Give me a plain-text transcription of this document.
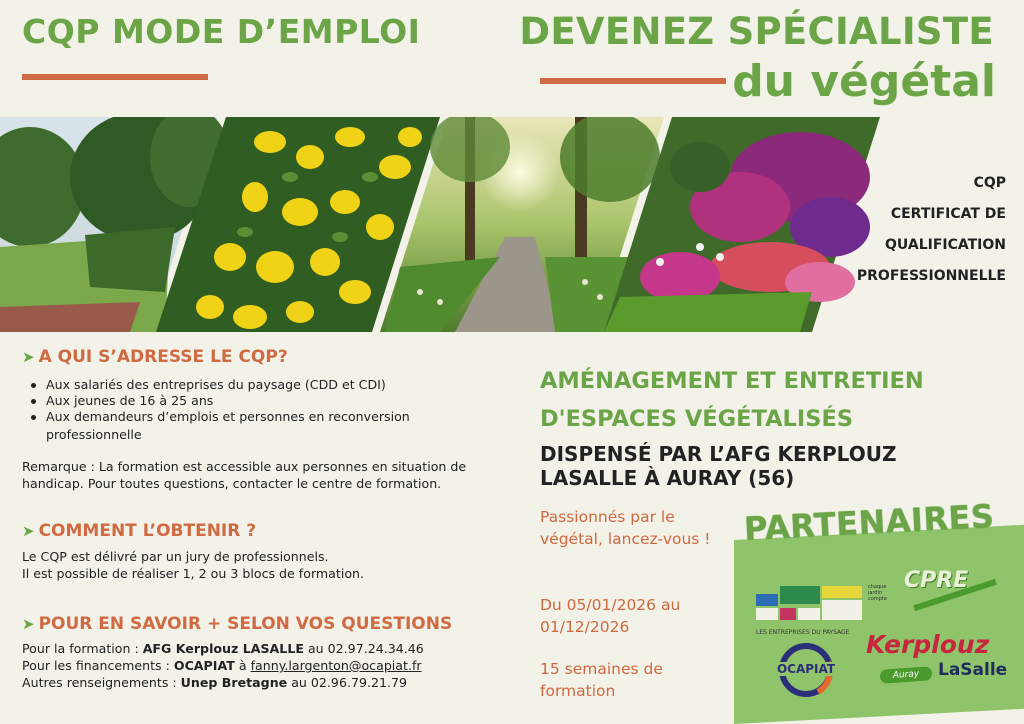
CQP MODE D’EMPLOI	DEVENEZ SPÉCIALISTE
du végétal
CQP
CERTIFICAT DE
QUALIFICATION
PROFESSIONNELLE
➤ A QUI S’ADRESSE LE CQP?
Aux salariés des entreprises du paysage (CDD et CDI)
Aux jeunes de 16 à 25 ans
Aux demandeurs d’emplois et personnes en reconversion
professionnelle
Remarque : La formation est accessible aux personnes en situation de
handicap. Pour toutes questions, contacter le centre de formation.
➤ COMMENT L’OBTENIR ?
Le CQP est délivré par un jury de professionnels.
Il est possible de réaliser 1, 2 ou 3 blocs de formation.
➤ POUR EN SAVOIR + SELON VOS QUESTIONS
Pour la formation : AFG Kerplouz LASALLE au 02.97.24.34.46
Pour les financements : OCAPIAT à fanny.largenton@ocapiat.fr
Autres renseignements : Unep Bretagne au 02.96.79.21.79
AMÉNAGEMENT ET ENTRETIEN
D'ESPACES VÉGÉTALISÉS
DISPENSÉ PAR L’AFG KERPLOUZ
LASALLE À AURAY (56)
Passionnés par le
végétal, lancez-vous !
Du 05/01/2026 au
01/12/2026
15 semaines de
formation
PARTENAIRES
LES ENTREPRISES DU PAYSAGE
chaque
jardin
compte
CPRE
OCAPIAT
Kerplouz
Auray	LaSalle
